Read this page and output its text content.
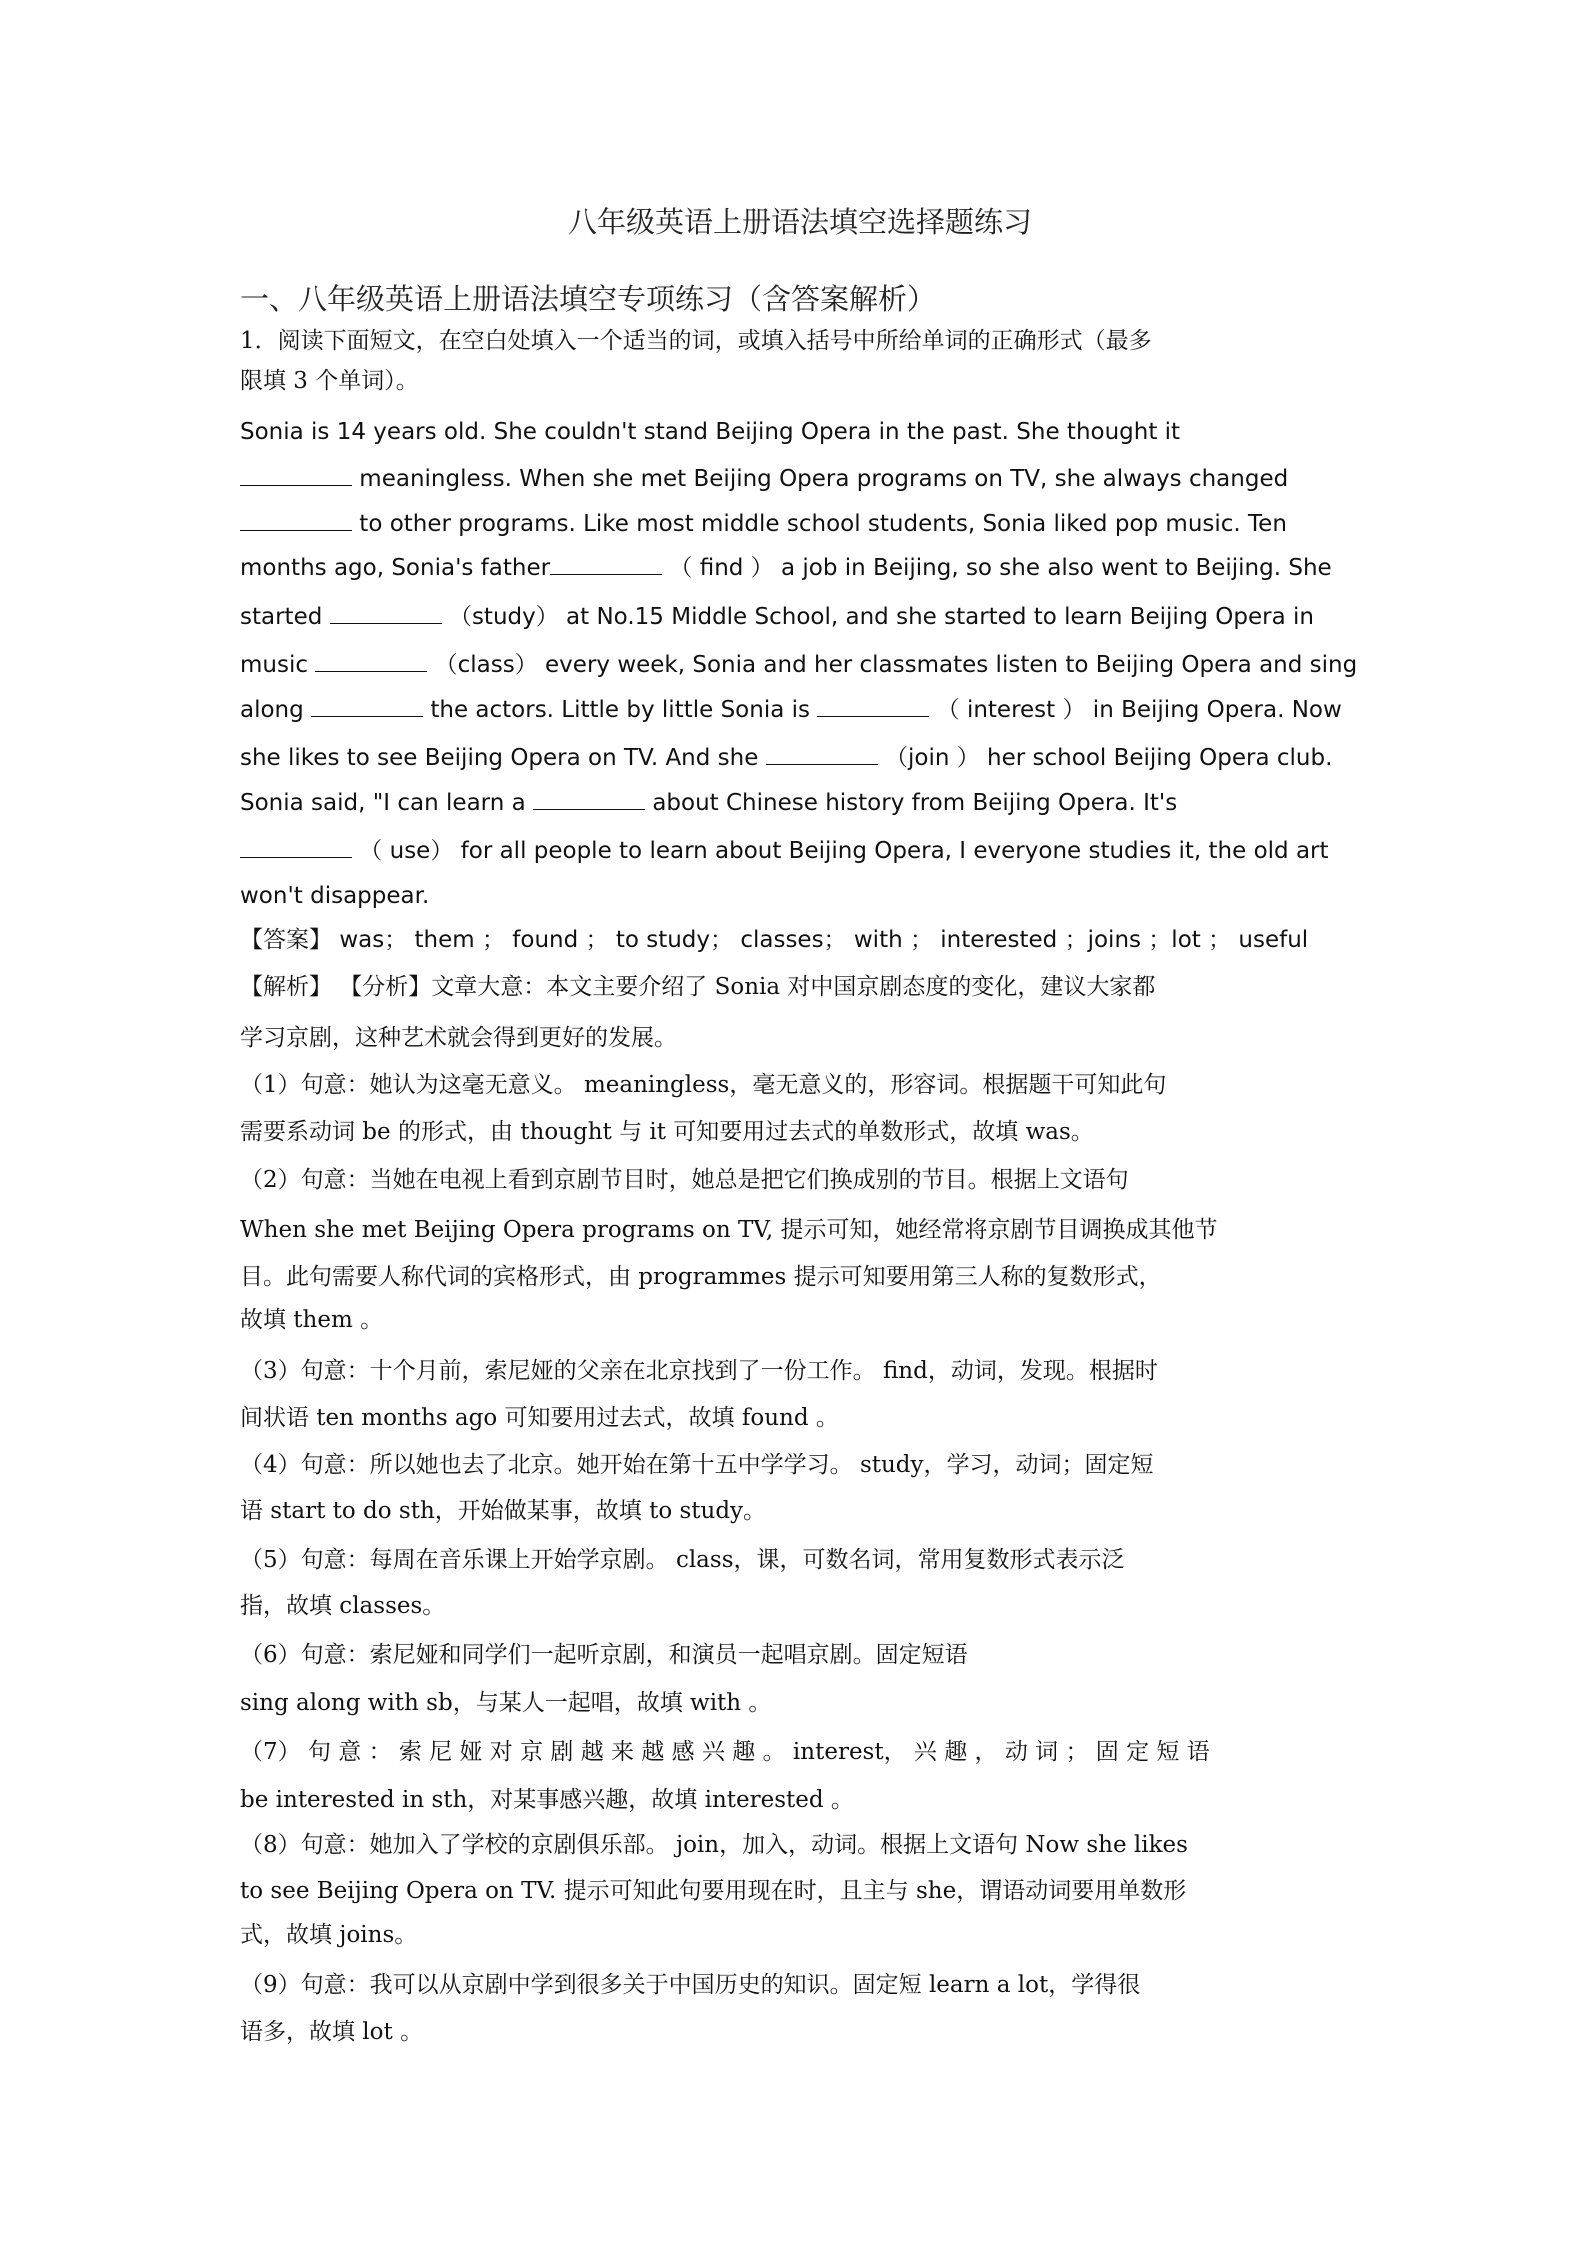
八年级英语上册语法填空选择题练习
一、八年级英语上册语法填空专项练习（含答案解析）
1．阅读下面短文，在空白处填入一个适当的词，或填入括号中所给单词的正确形式（最多
限填 3 个单词）。
Sonia is 14 years old. She couldn't stand Beijing Opera in the past. She thought it
meaningless. When she met Beijing Opera programs on TV, she always changed
to other programs. Like most middle school students, Sonia liked pop music. Ten
months ago, Sonia's father	（ find ） a job in Beijing, so she also went to Beijing. She
started	（study） at No.15 Middle School, and she started to learn Beijing Opera in
music	（class） every week, Sonia and her classmates listen to Beijing Opera and sing
along	the actors. Little by little Sonia is	（ interest ） in Beijing Opera. Now
she likes to see Beijing Opera on TV. And she	（join ） her school Beijing Opera club.
Sonia said, "I can learn a	about Chinese history from Beijing Opera. It's
（ use） for all people to learn about Beijing Opera, I everyone studies it, the old art
won't disappear.
【答案】 was； them ； found ； to study； classes； with ； interested ；joins ；lot ； useful
【解析】 【分析】文章大意：本文主要介绍了 Sonia 对中国京剧态度的变化，建议大家都
学习京剧，这种艺术就会得到更好的发展。
（1）句意：她认为这毫无意义。 meaningless，毫无意义的，形容词。根据题干可知此句
需要系动词 be 的形式，由 thought 与 it 可知要用过去式的单数形式，故填 was。
（2）句意：当她在电视上看到京剧节目时，她总是把它们换成别的节目。根据上文语句
When she met Beijing Opera programs on TV, 提示可知，她经常将京剧节目调换成其他节
目。此句需要人称代词的宾格形式，由 programmes 提示可知要用第三人称的复数形式，
故填 them 。
（3）句意：十个月前，索尼娅的父亲在北京找到了一份工作。 find，动词，发现。根据时
间状语 ten months ago 可知要用过去式，故填 found 。
（4）句意：所以她也去了北京。她开始在第十五中学学习。 study，学习，动词；固定短
语 start to do sth，开始做某事，故填 to study。
（5）句意：每周在音乐课上开始学京剧。 class，课，可数名词，常用复数形式表示泛
指，故填 classes。
（6）句意：索尼娅和同学们一起听京剧，和演员一起唱京剧。固定短语
sing along with sb，与某人一起唱，故填 with 。
（7） 句 意 ： 索 尼 娅 对 京 剧 越 来 越 感 兴 趣 。 interest， 兴 趣 ， 动 词 ； 固 定 短 语
be interested in sth，对某事感兴趣，故填 interested 。
（8）句意：她加入了学校的京剧俱乐部。 join，加入，动词。根据上文语句 Now she likes
to see Beijing Opera on TV. 提示可知此句要用现在时，且主与 she，谓语动词要用单数形
式，故填 joins。
（9）句意：我可以从京剧中学到很多关于中国历史的知识。固定短 learn a lot，学得很
语多，故填 lot 。
